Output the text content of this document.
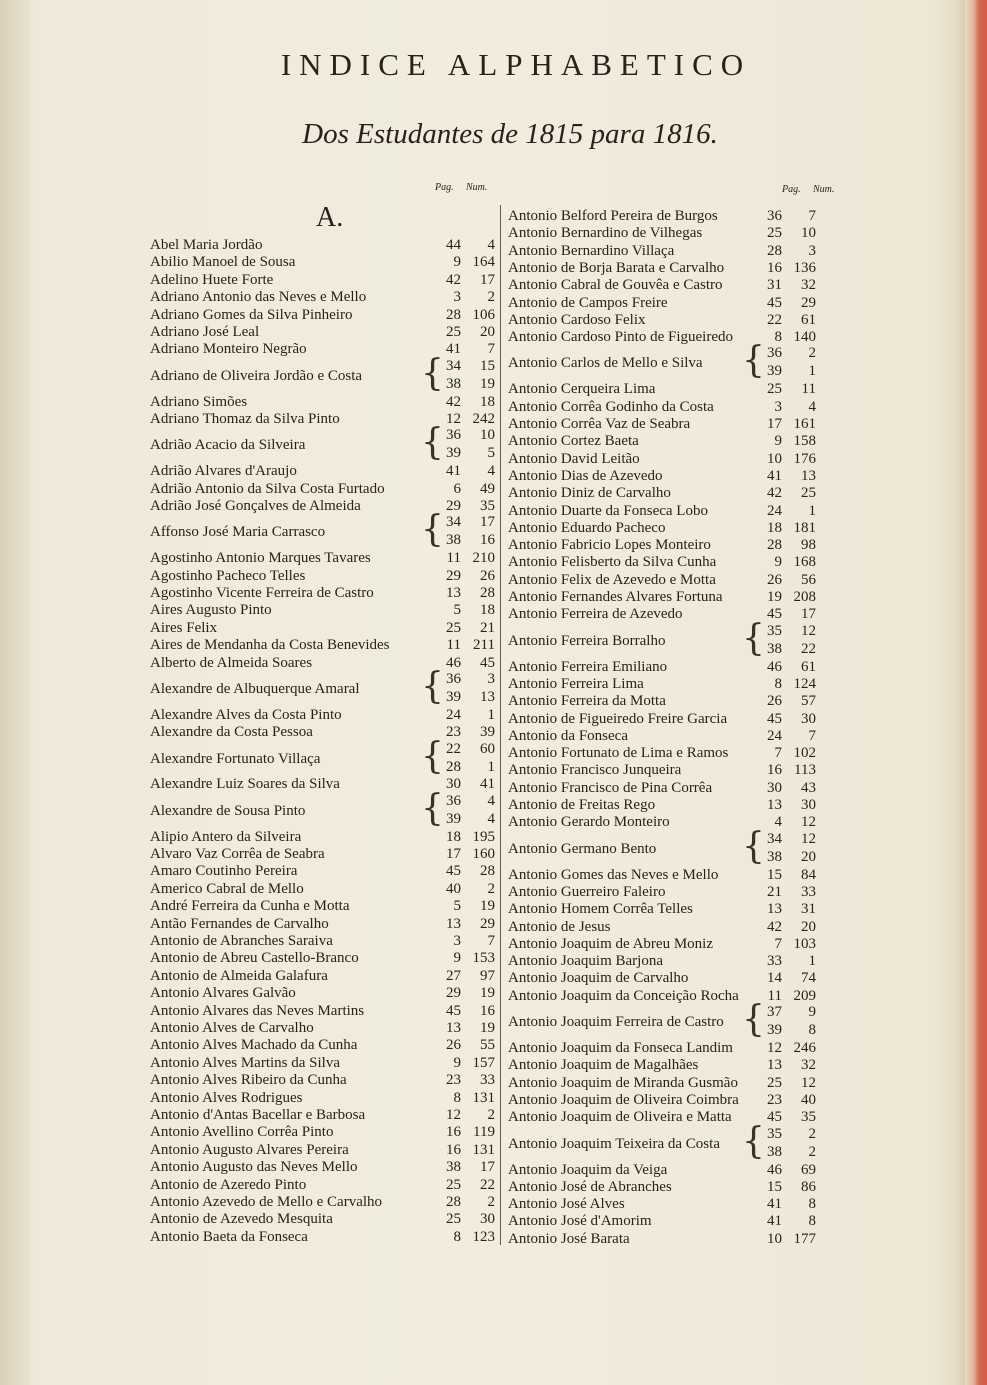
INDICE ALPHABETICO
Dos Estudantes de 1815 para 1816.
Pag. Num.	Pag. Num.
A.
Abel Maria Jordão	44 4
Abilio Manoel de Sousa	9 164
Adelino Huete Forte	42 17
Adriano Antonio das Neves e Mello	3 2
Adriano Gomes da Silva Pinheiro	28 106
Adriano José Leal	25 20
Adriano Monteiro Negrão	41 7
Adriano de Oliveira Jordão e Costa { 34 15
38 19
Adriano Simões	42 18
Adriano Thomaz da Silva Pinto	12 242
Adrião Acacio da Silveira	{ 36 10
39 5
Adrião Alvares d'Araujo	41 4
Adrião Antonio da Silva Costa Furtado	6 49
Adrião José Gonçalves de Almeida	29 35
Affonso José Maria Carrasco	{ 34 17
38 16
Agostinho Antonio Marques Tavares	11 210
Agostinho Pacheco Telles	29 26
Agostinho Vicente Ferreira de Castro	13 28
Aires Augusto Pinto	5 18
Aires Felix	25 21
Aires de Mendanha da Costa Benevides	11 211
Alberto de Almeida Soares	46 45
Alexandre de Albuquerque Amaral { 36 3
39 13
Alexandre Alves da Costa Pinto	24 1
Alexandre da Costa Pessoa	23 39
Alexandre Fortunato Villaça	{ 22 60
28 1
Alexandre Luiz Soares da Silva	30 41
Alexandre de Sousa Pinto	{ 36 4
39 4
Alipio Antero da Silveira	18 195
Alvaro Vaz Corrêa de Seabra	17 160
Amaro Coutinho Pereira	45 28
Americo Cabral de Mello	40 2
André Ferreira da Cunha e Motta	5 19
Antão Fernandes de Carvalho	13 29
Antonio de Abranches Saraiva	3 7
Antonio de Abreu Castello-Branco	9 153
Antonio de Almeida Galafura	27 97
Antonio Alvares Galvão	29 19
Antonio Alvares das Neves Martins	45 16
Antonio Alves de Carvalho	13 19
Antonio Alves Machado da Cunha	26 55
Antonio Alves Martins da Silva	9 157
Antonio Alves Ribeiro da Cunha	23 33
Antonio Alves Rodrigues	8 131
Antonio d'Antas Bacellar e Barbosa	12 2
Antonio Avellino Corrêa Pinto	16 119
Antonio Augusto Alvares Pereira	16 131
Antonio Augusto das Neves Mello	38 17
Antonio de Azeredo Pinto	25 22
Antonio Azevedo de Mello e Carvalho	28 2
Antonio de Azevedo Mesquita	25 30
Antonio Baeta da Fonseca	8 123
Antonio Belford Pereira de Burgos	36 7
Antonio Bernardino de Vilhegas	25 10
Antonio Bernardino Villaça	28 3
Antonio de Borja Barata e Carvalho	16 136
Antonio Cabral de Gouvêa e Castro	31 32
Antonio de Campos Freire	45 29
Antonio Cardoso Felix	22 61
Antonio Cardoso Pinto de Figueiredo	8 140
Antonio Carlos de Mello e Silva { 36 2
39 1
Antonio Cerqueira Lima	25 11
Antonio Corrêa Godinho da Costa	3 4
Antonio Corrêa Vaz de Seabra	17 161
Antonio Cortez Baeta	9 158
Antonio David Leitão	10 176
Antonio Dias de Azevedo	41 13
Antonio Diniz de Carvalho	42 25
Antonio Duarte da Fonseca Lobo	24 1
Antonio Eduardo Pacheco	18 181
Antonio Fabricio Lopes Monteiro	28 98
Antonio Felisberto da Silva Cunha	9 168
Antonio Felix de Azevedo e Motta	26 56
Antonio Fernandes Alvares Fortuna	19 208
Antonio Ferreira de Azevedo	45 17
Antonio Ferreira Borralho { 35 12
38 22
Antonio Ferreira Emiliano	46 61
Antonio Ferreira Lima	8 124
Antonio Ferreira da Motta	26 57
Antonio de Figueiredo Freire Garcia	45 30
Antonio da Fonseca	24 7
Antonio Fortunato de Lima e Ramos	7 102
Antonio Francisco Junqueira	16 113
Antonio Francisco de Pina Corrêa	30 43
Antonio de Freitas Rego	13 30
Antonio Gerardo Monteiro	4 12
Antonio Germano Bento { 34 12
38 20
Antonio Gomes das Neves e Mello	15 84
Antonio Guerreiro Faleiro	21 33
Antonio Homem Corrêa Telles	13 31
Antonio de Jesus	42 20
Antonio Joaquim de Abreu Moniz	7 103
Antonio Joaquim Barjona	33 1
Antonio Joaquim de Carvalho	14 74
Antonio Joaquim da Conceição Rocha 11 209
Antonio Joaquim Ferreira de Castro { 37 9
39 8
Antonio Joaquim da Fonseca Landim 12 246
Antonio Joaquim de Magalhães	13 32
Antonio Joaquim de Miranda Gusmão 25 12
Antonio Joaquim de Oliveira Coimbra 23 40
Antonio Joaquim de Oliveira e Matta 45 35
Antonio Joaquim Teixeira da Costa { 35 2
38 2
Antonio Joaquim da Veiga	46 69
Antonio José de Abranches	15 86
Antonio José Alves	41 8
Antonio José d'Amorim	41 8
Antonio José Barata	10 177
